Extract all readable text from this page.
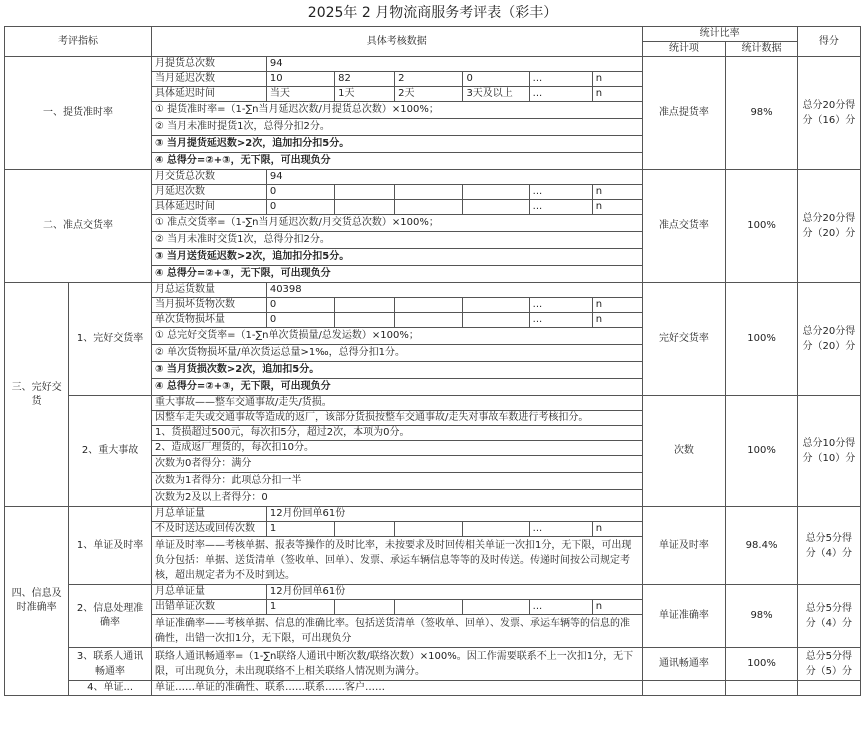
2025年 2 月物流商服务考评表（彩丰）
考评指标		具体考核数据							统计比率		得分
									统计项	统计数据	
一、提货准时率		月提货总次数	94						准点提货率	98%	总分20分得分（16）分
		当月延迟次数	10	82	2	0	...	n			
		具体延迟时间	当天	1天	2天	3天及以上	...	n			
		① 提货准时率=（1-∑n当月延迟次数/月提货总次数）×100%；									
		② 当月未准时提货1次，总得分扣2分。									
		③ 当月提货延迟数>2次，追加扣分扣5分。									
		④ 总得分=②+③，无下限，可出现负分									
二、准点交货率		月交货总次数	94						准点交货率	100%	总分20分得分（20）分
		月延迟次数	0				...	n			
		具体延迟时间	0				...	n			
		① 准点交货率=（1-∑n当月延迟次数/月交货总次数）×100%；									
		② 当月未准时交货1次，总得分扣2分。									
		③ 当月送货延迟数>2次，追加扣分扣5分。									
		④ 总得分=②+③，无下限，可出现负分									
三、完好交货	1、完好交货率	月总运货数量	40398						完好交货率	100%	总分20分得分（20）分
		当月损坏货物次数	0				...	n			
		单次货物损坏量	0				...	n			
		① 总完好交货率=（1-∑n单次货损量/总发运数）×100%；									
		② 单次货物损坏量/单次货运总量>1‰，总得分扣1分。									
		③ 当月货损次数>2次，追加扣5分。									
		④ 总得分=②+③，无下限，可出现负分									
	2、重大事故	重大事故——整车交通事故/走失/货损。							次数	100%	总分10分得分（10）分
		因整车走失或交通事故等造成的返厂，该部分货损按整车交通事故/走失对事故车数进行考核扣分。									
		1、货损超过500元，每次扣5分，超过2次，本项为0分。									
		2、造成返厂理货的，每次扣10分。									
		次数为0者得分：满分									
		次数为1者得分：此项总分扣一半									
		次数为2及以上者得分：0									
四、信息及时准确率	1、单证及时率	月总单证量	12月份回单61份						单证及时率	98.4%	总分5分得分（4）分
		不及时送达或回传次数	1				...	n			
		单证及时率——考核单据、报表等操作的及时比率，未按要求及时回传相关单证一次扣1分，无下限，可出现负分包括：单据、送货清单（签收单、回单）、发票、承运车辆信息等等的及时传送。传递时间按公司规定考核，超出规定者为不及时到达。									
	2、信息处理准确率	月总单证量	12月份回单61份						单证准确率	98%	总分5分得分（4）分
		出错单证次数	1				...	n			
		单证准确率——考核单据、信息的准确比率。包括送货清单（签收单、回单）、发票、承运车辆等的信息的准确性，出错一次扣1分，无下限，可出现负分									
	3、联系人通讯畅通率	联络人通讯畅通率=（1-∑n联络人通讯中断次数/联络次数）×100%。因工作需要联系不上一次扣1分，无下限，可出现负分，未出现联络不上相关联络人情况则为满分。							通讯畅通率	100%	总分5分得分（5）分
	4、单证...	单证……单证的准确性、联系……联系……客户……									
